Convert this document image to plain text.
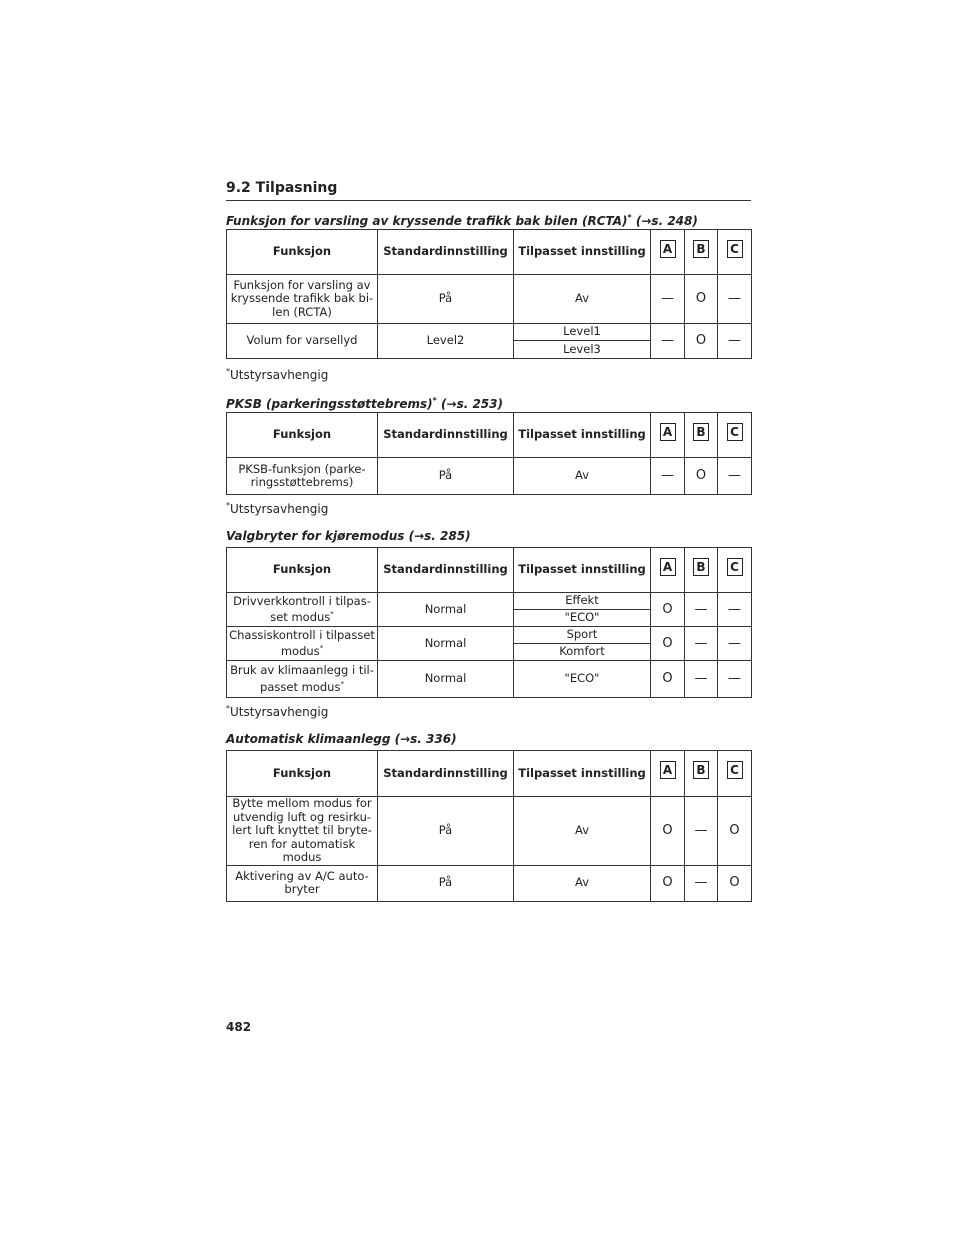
9.2 Tilpasning
Funksjon for varsling av kryssende trafikk bak bilen (RCTA)* (→s. 248)
Funksjon	Standardinnstilling	Tilpasset innstilling	A	B	C
Funksjon for varsling av kryssende trafikk bak bi-len (RCTA)	På	Av	—	O	—
Volum for varsellyd	Level2	Level1	—	O	—
		Level3			
*Utstyrsavhengig
PKSB (parkeringsstøttebrems)* (→s. 253)
Funksjon	Standardinnstilling	Tilpasset innstilling	A	B	C
PKSB-funksjon (parke-ringsstøttebrems)	På	Av	—	O	—
*Utstyrsavhengig
Valgbryter for kjøremodus (→s. 285)
Funksjon	Standardinnstilling	Tilpasset innstilling	A	B	C
Drivverkkontroll i tilpas-set modus*	Normal	Effekt	O	—	—
		"ECO"			
Chassiskontroll i tilpasset modus*	Normal	Sport	O	—	—
		Komfort			
Bruk av klimaanlegg i til-passet modus*	Normal	"ECO"	O	—	—
*Utstyrsavhengig
Automatisk klimaanlegg (→s. 336)
Funksjon	Standardinnstilling	Tilpasset innstilling	A	B	C
Bytte mellom modus for utvendig luft og resirku-lert luft knyttet til bryte-ren for automatisk modus	På	Av	O	—	O
Aktivering av A/C auto-bryter	På	Av	O	—	O
482
